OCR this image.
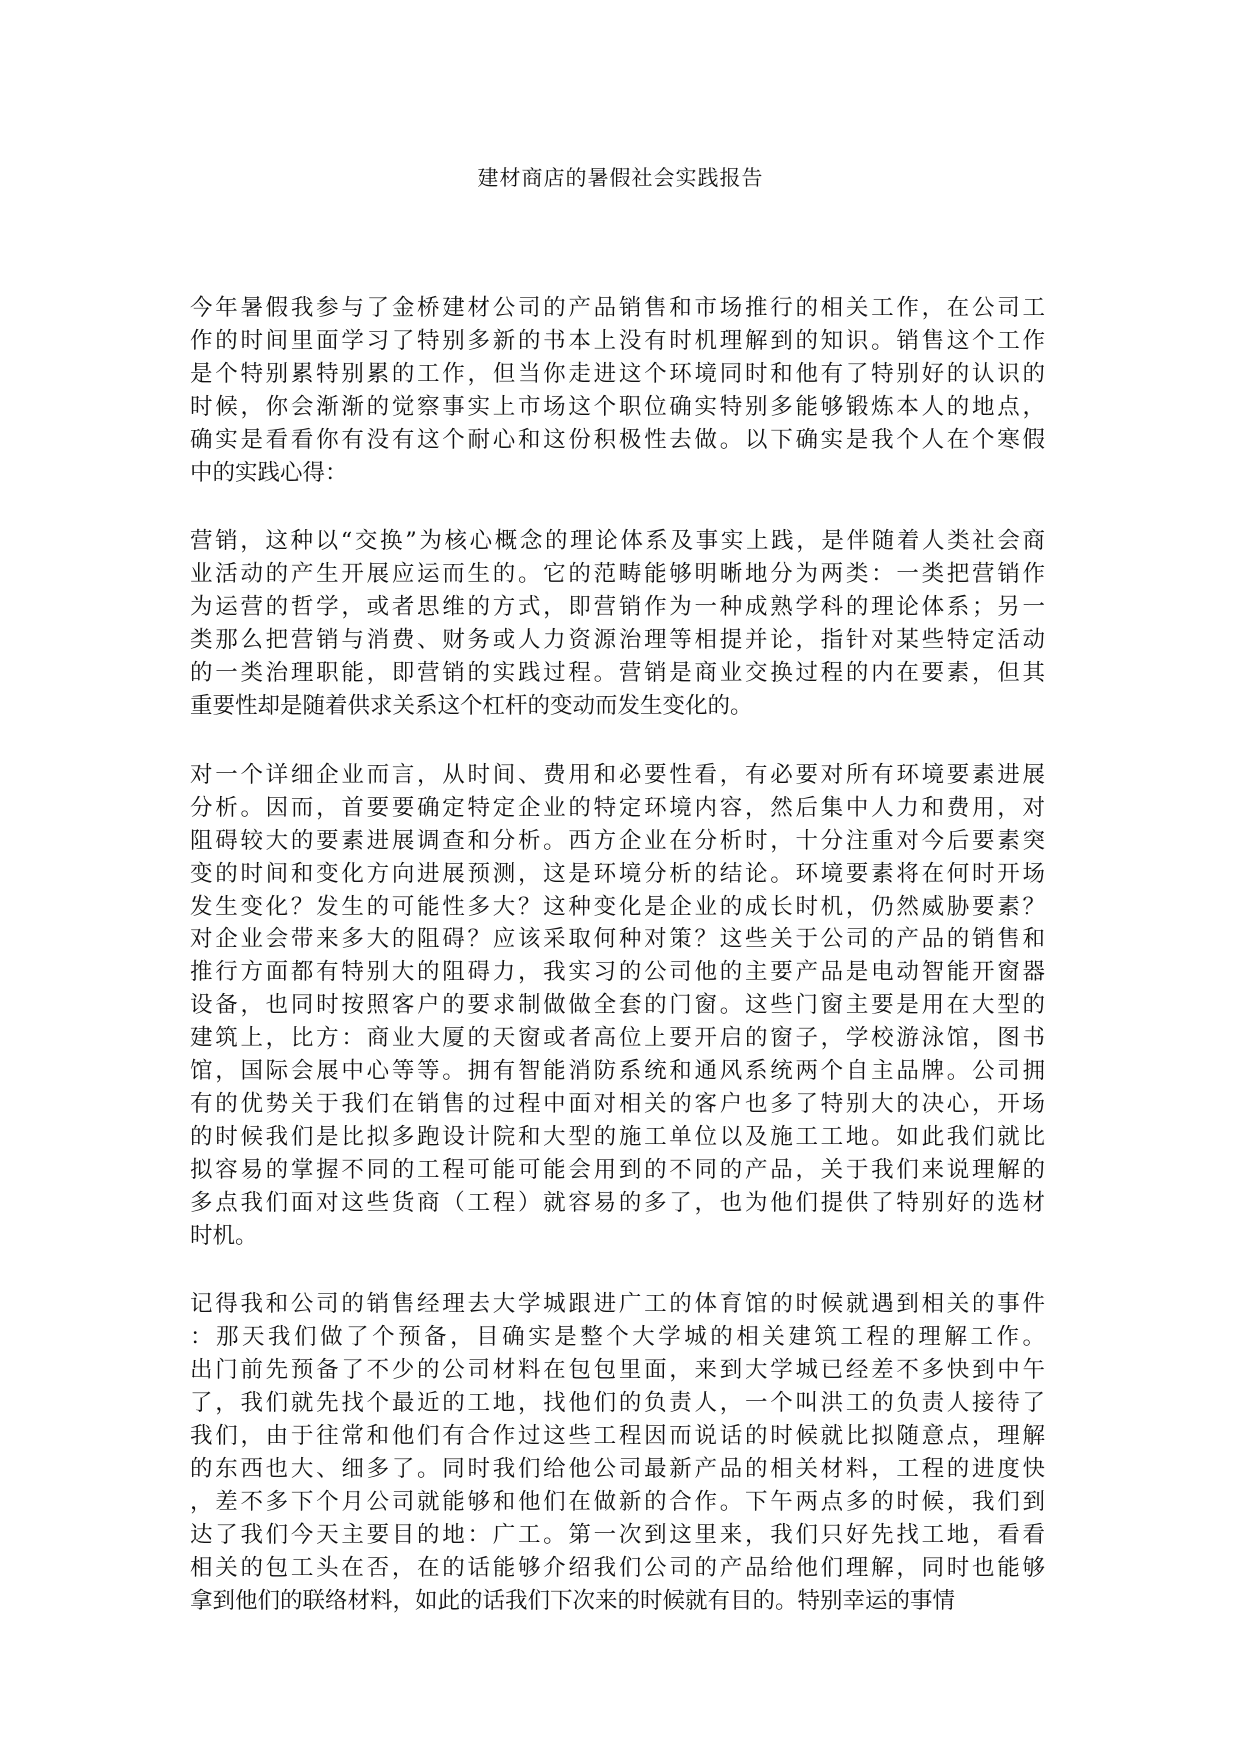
建材商店的暑假社会实践报告

今年暑假我参与了金桥建材公司的产品销售和市场推行的相关工作，在公司工
作的时间里面学习了特别多新的书本上没有时机理解到的知识。销售这个工作
是个特别累特别累的工作，但当你走进这个环境同时和他有了特别好的认识的
时候，你会渐渐的觉察事实上市场这个职位确实特别多能够锻炼本人的地点，
确实是看看你有没有这个耐心和这份积极性去做。以下确实是我个人在个寒假
中的实践心得：

营销，这种以“交换”为核心概念的理论体系及事实上践，是伴随着人类社会商
业活动的产生开展应运而生的。它的范畴能够明晰地分为两类：一类把营销作
为运营的哲学，或者思维的方式，即营销作为一种成熟学科的理论体系；另一
类那么把营销与消费、财务或人力资源治理等相提并论，指针对某些特定活动
的一类治理职能，即营销的实践过程。营销是商业交换过程的内在要素，但其
重要性却是随着供求关系这个杠杆的变动而发生变化的。

对一个详细企业而言，从时间、费用和必要性看，有必要对所有环境要素进展
分析。因而，首要要确定特定企业的特定环境内容，然后集中人力和费用，对
阻碍较大的要素进展调查和分析。西方企业在分析时，十分注重对今后要素突
变的时间和变化方向进展预测，这是环境分析的结论。环境要素将在何时开场
发生变化？发生的可能性多大？这种变化是企业的成长时机，仍然威胁要素？
对企业会带来多大的阻碍？应该采取何种对策？这些关于公司的产品的销售和
推行方面都有特别大的阻碍力，我实习的公司他的主要产品是电动智能开窗器
设备，也同时按照客户的要求制做做全套的门窗。这些门窗主要是用在大型的
建筑上，比方：商业大厦的天窗或者高位上要开启的窗子，学校游泳馆，图书
馆，国际会展中心等等。拥有智能消防系统和通风系统两个自主品牌。公司拥
有的优势关于我们在销售的过程中面对相关的客户也多了特别大的决心，开场
的时候我们是比拟多跑设计院和大型的施工单位以及施工工地。如此我们就比
拟容易的掌握不同的工程可能可能会用到的不同的产品，关于我们来说理解的
多点我们面对这些货商（工程）就容易的多了，也为他们提供了特别好的选材
时机。

记得我和公司的销售经理去大学城跟进广工的体育馆的时候就遇到相关的事件
：那天我们做了个预备，目确实是整个大学城的相关建筑工程的理解工作。
出门前先预备了不少的公司材料在包包里面，来到大学城已经差不多快到中午
了，我们就先找个最近的工地，找他们的负责人，一个叫洪工的负责人接待了
我们，由于往常和他们有合作过这些工程因而说话的时候就比拟随意点，理解
的东西也大、细多了。同时我们给他公司最新产品的相关材料，工程的进度快
，差不多下个月公司就能够和他们在做新的合作。下午两点多的时候，我们到
达了我们今天主要目的地：广工。第一次到这里来，我们只好先找工地，看看
相关的包工头在否，在的话能够介绍我们公司的产品给他们理解，同时也能够
拿到他们的联络材料，如此的话我们下次来的时候就有目的。特别幸运的事情
